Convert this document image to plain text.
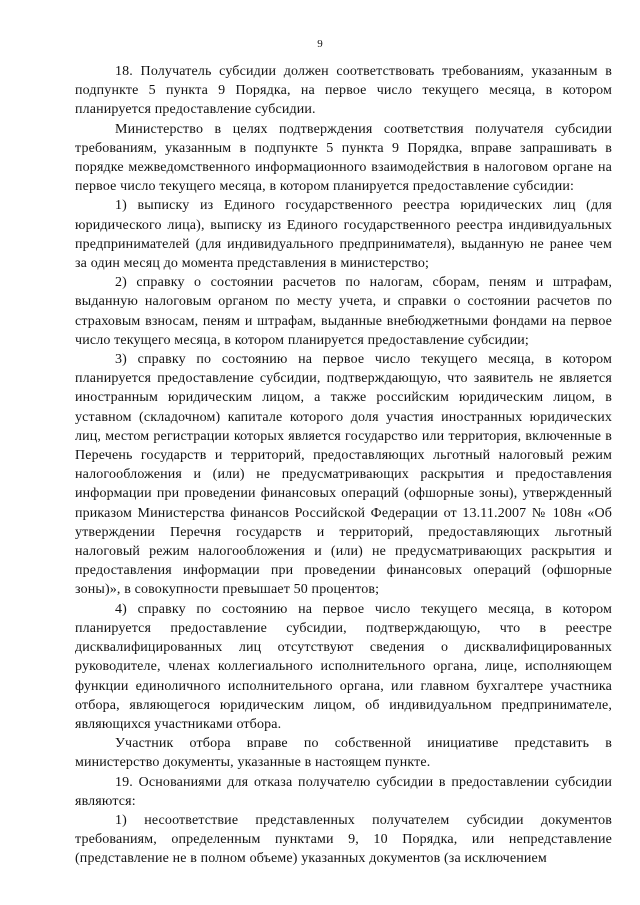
9

18. Получатель субсидии должен соответствовать требованиям, указанным в подпункте 5 пункта 9 Порядка, на первое число текущего месяца, в котором планируется предоставление субсидии.

Министерство в целях подтверждения соответствия получателя субсидии требованиям, указанным в подпункте 5 пункта 9 Порядка, вправе запрашивать в порядке межведомственного информационного взаимодействия в налоговом органе на первое число текущего месяца, в котором планируется предоставление субсидии:

1) выписку из Единого государственного реестра юридических лиц (для юридического лица), выписку из Единого государственного реестра индивидуальных предпринимателей (для индивидуального предпринимателя), выданную не ранее чем за один месяц до момента представления в министерство;

2) справку о состоянии расчетов по налогам, сборам, пеням и штрафам, выданную налоговым органом по месту учета, и справки о состоянии расчетов по страховым взносам, пеням и штрафам, выданные внебюджетными фондами на первое число текущего месяца, в котором планируется предоставление субсидии;

3) справку по состоянию на первое число текущего месяца, в котором планируется предоставление субсидии, подтверждающую, что заявитель не является иностранным юридическим лицом, а также российским юридическим лицом, в уставном (складочном) капитале которого доля участия иностранных юридических лиц, местом регистрации которых является государство или территория, включенные в Перечень государств и территорий, предоставляющих льготный налоговый режим налогообложения и (или) не предусматривающих раскрытия и предоставления информации при проведении финансовых операций (офшорные зоны), утвержденный приказом Министерства финансов Российской Федерации от 13.11.2007 № 108н «Об утверждении Перечня государств и территорий, предоставляющих льготный налоговый режим налогообложения и (или) не предусматривающих раскрытия и предоставления информации при проведении финансовых операций (офшорные зоны)», в совокупности превышает 50 процентов;

4) справку по состоянию на первое число текущего месяца, в котором планируется предоставление субсидии, подтверждающую, что в реестре дисквалифицированных лиц отсутствуют сведения о дисквалифицированных руководителе, членах коллегиального исполнительного органа, лице, исполняющем функции единоличного исполнительного органа, или главном бухгалтере участника отбора, являющегося юридическим лицом, об индивидуальном предпринимателе, являющихся участниками отбора.

Участник отбора вправе по собственной инициативе представить в министерство документы, указанные в настоящем пункте.

19. Основаниями для отказа получателю субсидии в предоставлении субсидии являются:

1) несоответствие представленных получателем субсидии документов требованиям, определенным пунктами 9, 10 Порядка, или непредставление (представление не в полном объеме) указанных документов (за исключением
